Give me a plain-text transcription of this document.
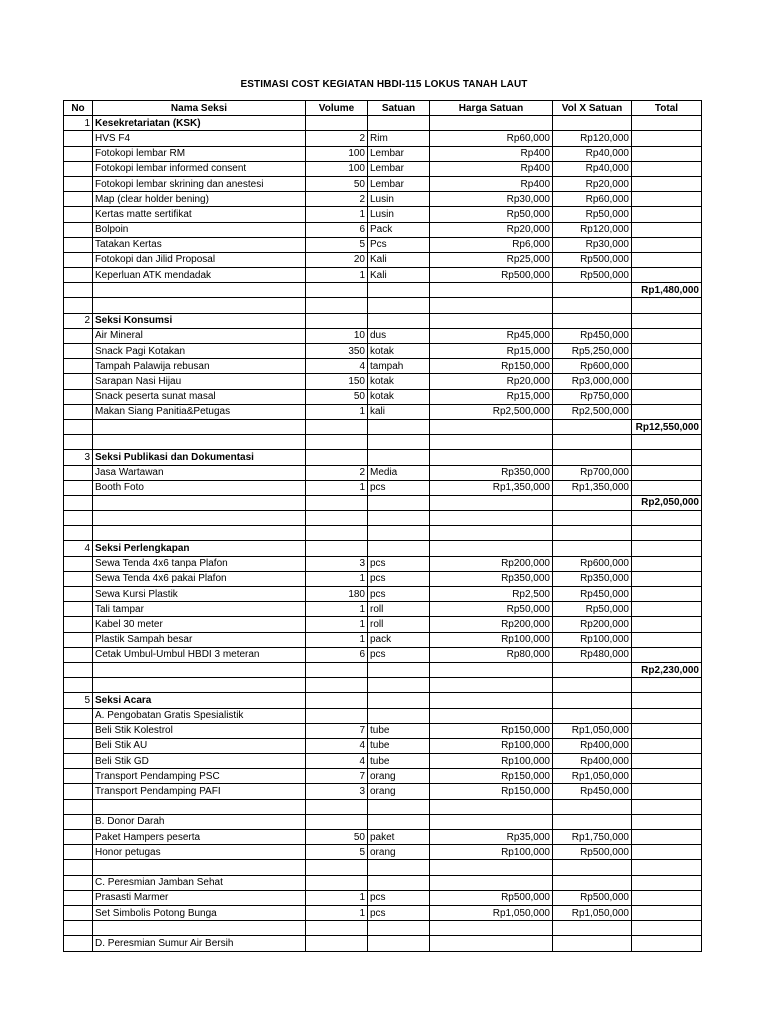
ESTIMASI COST KEGIATAN HBDI-115 LOKUS TANAH LAUT
No	Nama Seksi	Volume	Satuan	Harga Satuan	Vol X Satuan	Total
1	Kesekretariatan (KSK)					
	HVS F4	2	Rim	Rp60,000	Rp120,000	
	Fotokopi lembar RM	100	Lembar	Rp400	Rp40,000	
	Fotokopi lembar informed consent	100	Lembar	Rp400	Rp40,000	
	Fotokopi lembar skrining dan anestesi	50	Lembar	Rp400	Rp20,000	
	Map (clear holder bening)	2	Lusin	Rp30,000	Rp60,000	
	Kertas matte sertifikat	1	Lusin	Rp50,000	Rp50,000	
	Bolpoin	6	Pack	Rp20,000	Rp120,000	
	Tatakan Kertas	5	Pcs	Rp6,000	Rp30,000	
	Fotokopi dan Jilid Proposal	20	Kali	Rp25,000	Rp500,000	
	Keperluan ATK mendadak	1	Kali	Rp500,000	Rp500,000	
						Rp1,480,000

2	Seksi Konsumsi					
	Air Mineral	10	dus	Rp45,000	Rp450,000	
	Snack Pagi Kotakan	350	kotak	Rp15,000	Rp5,250,000	
	Tampah Palawija rebusan	4	tampah	Rp150,000	Rp600,000	
	Sarapan Nasi Hijau	150	kotak	Rp20,000	Rp3,000,000	
	Snack peserta sunat masal	50	kotak	Rp15,000	Rp750,000	
	Makan Siang Panitia&Petugas	1	kali	Rp2,500,000	Rp2,500,000	
						Rp12,550,000

3	Seksi Publikasi dan Dokumentasi					
	Jasa Wartawan	2	Media	Rp350,000	Rp700,000	
	Booth Foto	1	pcs	Rp1,350,000	Rp1,350,000	
						Rp2,050,000

4	Seksi Perlengkapan					
	Sewa Tenda 4x6 tanpa Plafon	3	pcs	Rp200,000	Rp600,000	
	Sewa Tenda 4x6 pakai Plafon	1	pcs	Rp350,000	Rp350,000	
	Sewa Kursi Plastik	180	pcs	Rp2,500	Rp450,000	
	Tali tampar	1	roll	Rp50,000	Rp50,000	
	Kabel 30 meter	1	roll	Rp200,000	Rp200,000	
	Plastik Sampah besar	1	pack	Rp100,000	Rp100,000	
	Cetak Umbul-Umbul HBDI 3 meteran	6	pcs	Rp80,000	Rp480,000	
						Rp2,230,000

5	Seksi Acara					
	A. Pengobatan Gratis Spesialistik					
	Beli Stik Kolestrol	7	tube	Rp150,000	Rp1,050,000	
	Beli Stik AU	4	tube	Rp100,000	Rp400,000	
	Beli Stik GD	4	tube	Rp100,000	Rp400,000	
	Transport Pendamping PSC	7	orang	Rp150,000	Rp1,050,000	
	Transport Pendamping PAFI	3	orang	Rp150,000	Rp450,000	

	B. Donor Darah					
	Paket Hampers peserta	50	paket	Rp35,000	Rp1,750,000	
	Honor petugas	5	orang	Rp100,000	Rp500,000	

	C. Peresmian Jamban Sehat					
	Prasasti Marmer	1	pcs	Rp500,000	Rp500,000	
	Set Simbolis Potong Bunga	1	pcs	Rp1,050,000	Rp1,050,000	

	D. Peresmian Sumur Air Bersih					
